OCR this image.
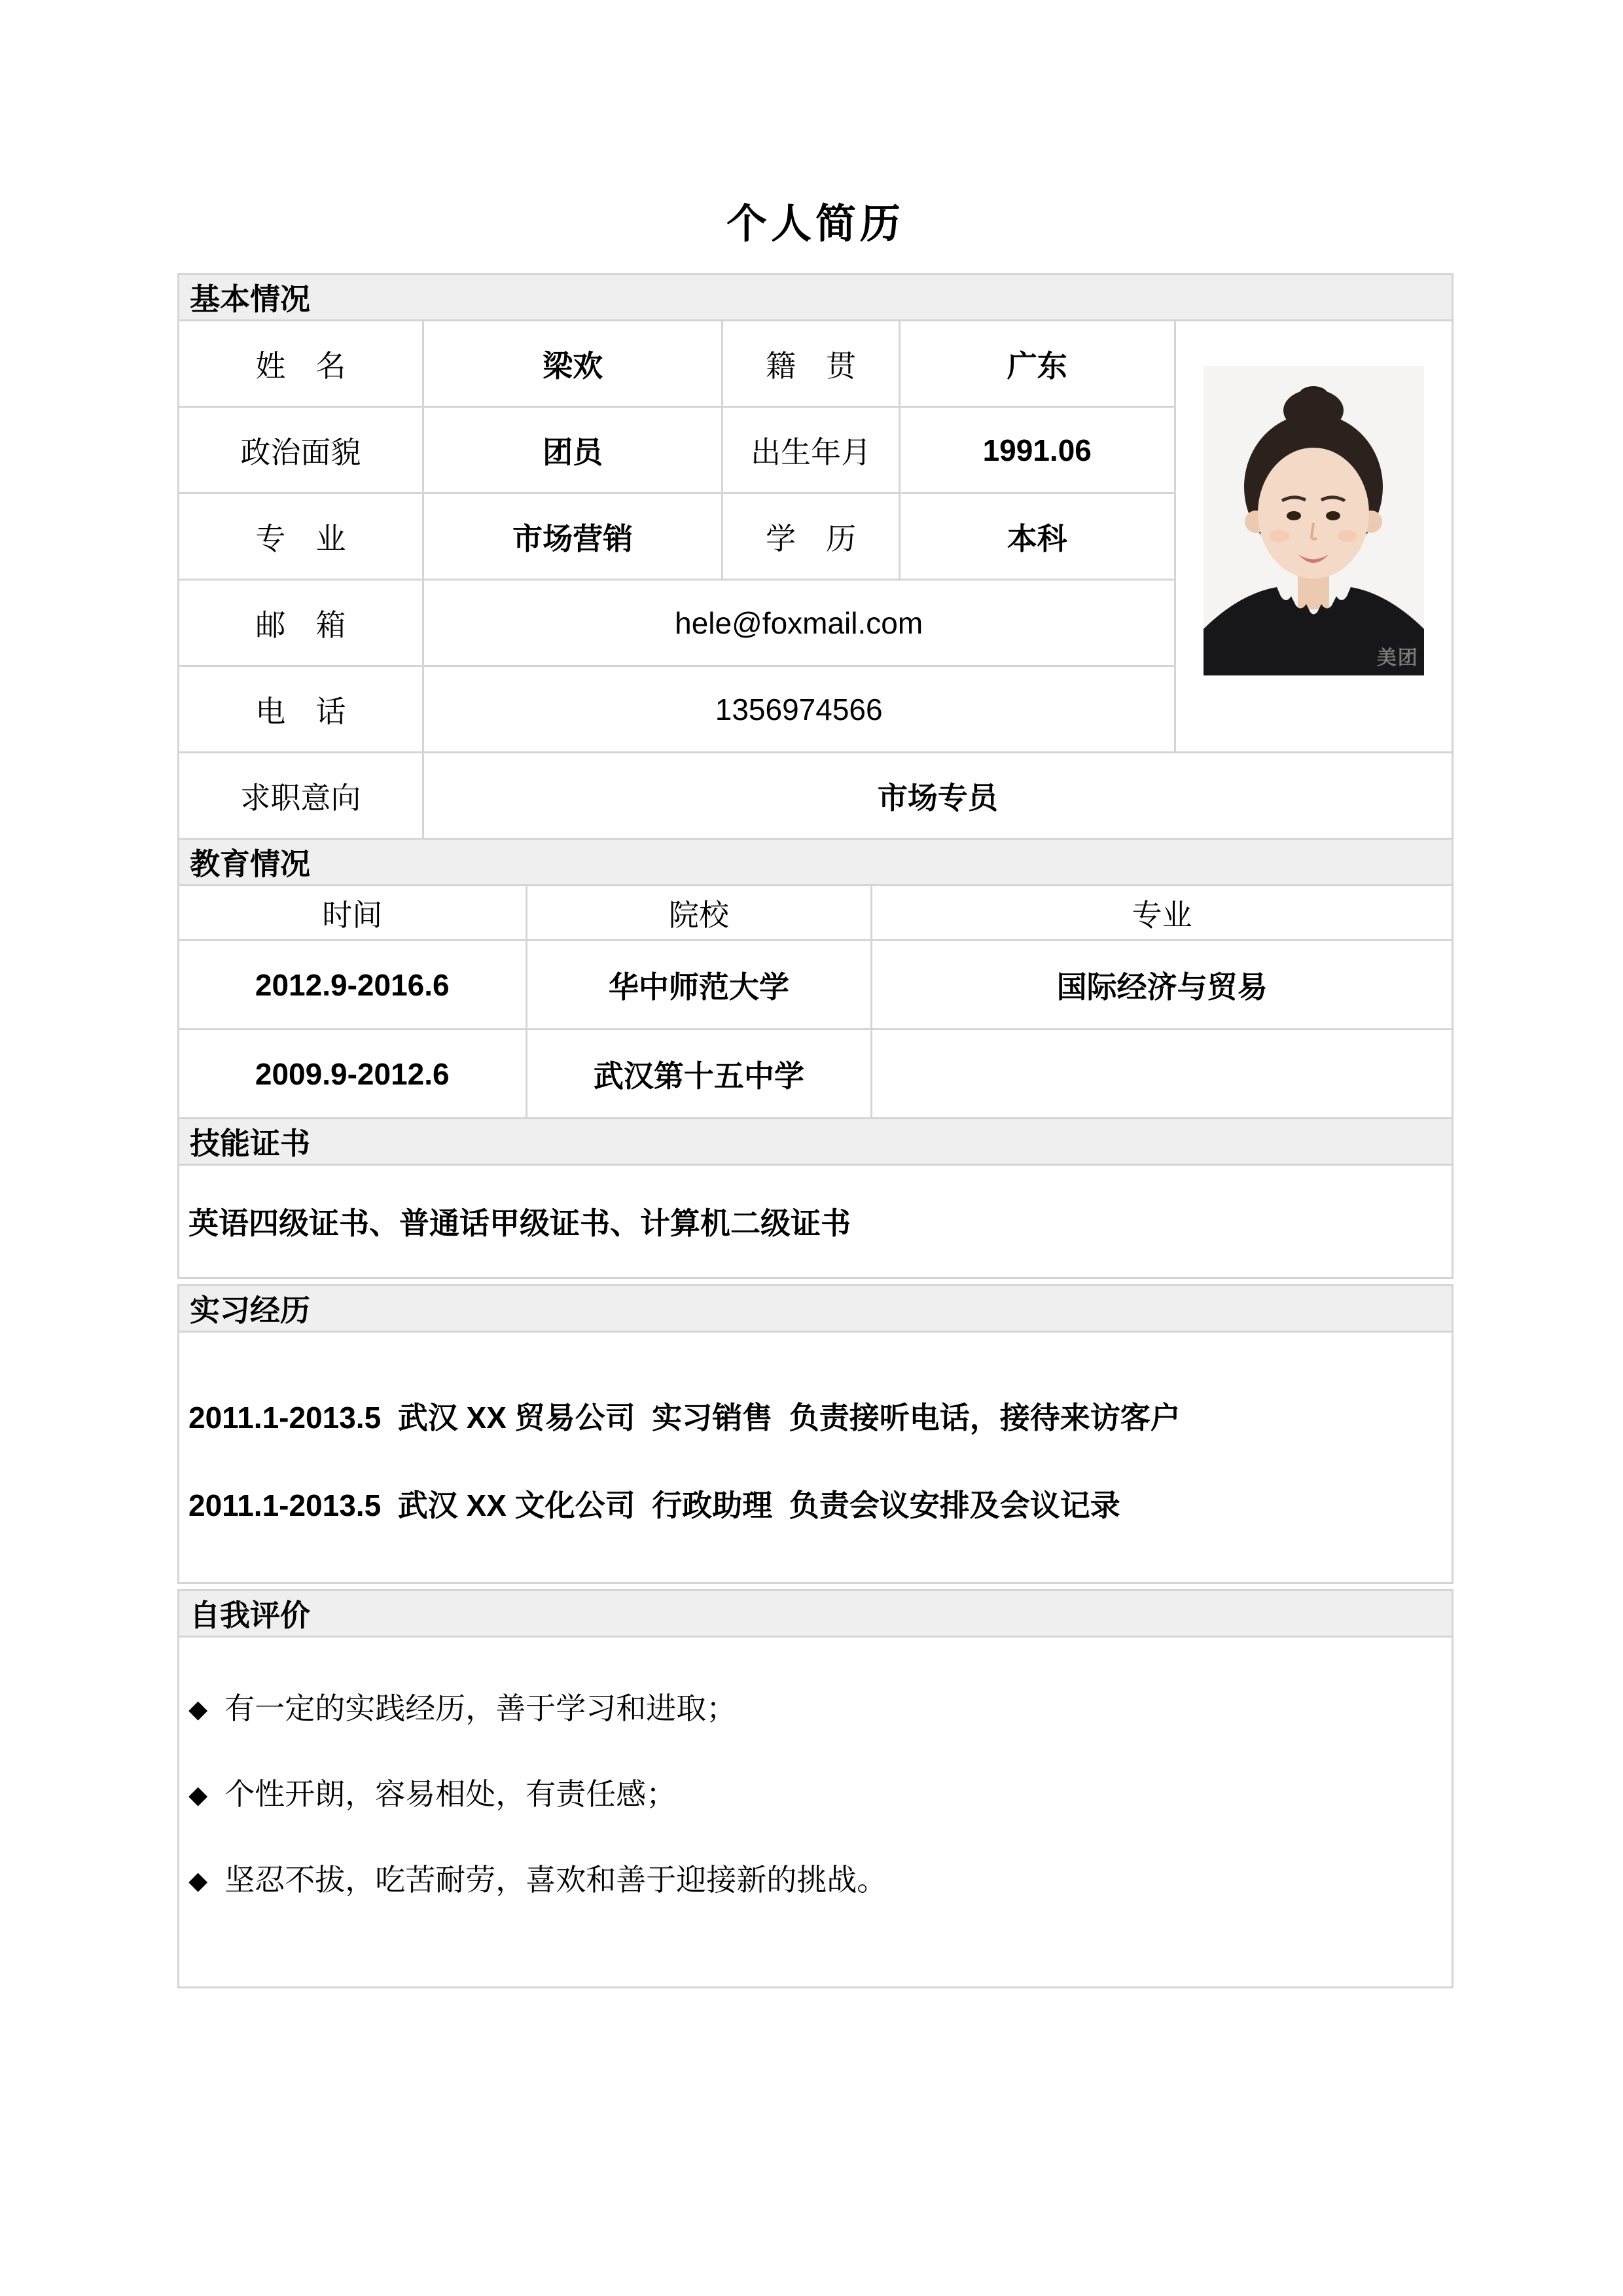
个人简历
基本情况
姓　名	梁欢	籍　贯	广东	美团

政治面貌	团员	出生年月	1991.06	
专　业	市场营销	学　历	本科	
邮　箱	hele@foxmail.com			
电　话	1356974566			
求职意向	市场专员			
教育情况
时间	院校	专业
2012.9-2016.6	华中师范大学	国际经济与贸易
2009.9-2012.6	武汉第十五中学	
技能证书
英语四级证书、普通话甲级证书、计算机二级证书
实习经历

2011.1-2013.5  武汉 XX 贸易公司  实习销售  负责接听电话，接待来访客户

2011.1-2013.5  武汉 XX 文化公司  行政助理  负责会议安排及会议记录

自我评价

◆ 有一定的实践经历，善于学习和进取；

◆ 个性开朗，容易相处，有责任感；

◆ 坚忍不拔，吃苦耐劳，喜欢和善于迎接新的挑战。
